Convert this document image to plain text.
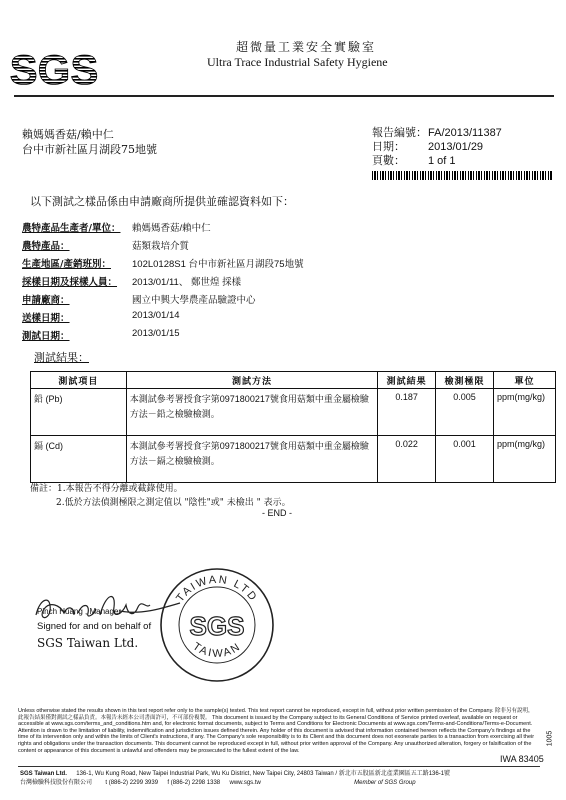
SGS	超微量工業安全實驗室
Ultra Trace Industrial Safety Hygiene
賴媽媽香菇/賴中仁
台中市新社區月湖段75地號
報告編號：FA/2013/11387
日期： 2013/01/29
頁數： 1 of 1
以下測試之樣品係由申請廠商所提供並確認資料如下：
農特產品生產者/單位： 賴媽媽香菇/賴中仁
農特產品：	菇類栽培介質
生產地區/產銷班別： 102L0128S1 台中市新社區月湖段75地號
採樣日期及採樣人員： 2013/01/11、 鄭世煌 採樣
申請廠商：	國立中興大學農產品驗證中心
送樣日期：	2013/01/14
測試日期：	2013/01/15
測試結果：
測試項目	測試方法	測試結果	檢測極限	單位
鉛 (Pb)	本測試參考署授食字第0971800217號食用菇類中重金屬檢驗方法－鉛之檢驗檢測。	0.187	0.005	ppm(mg/kg)
鎘 (Cd)	本測試參考署授食字第0971800217號食用菇類中重金屬檢驗方法－鎘之檢驗檢測。	0.022	0.001	ppm(mg/kg)
備註：1.本報告不得分離或截錄使用。
2.低於方法偵測極限之測定值以 "陰性"或" 未檢出 " 表示。
- END -
Pinch Huang , Manager
Signed for and on behalf of
SGS Taiwan Ltd.
TAIWAN LTD
TAIWAN
SGS
Unless otherwise stated the results shown in this test report refer only to the sample(s) tested. This test report cannot be reproduced, except in full, without prior written permission of the Company. 除非另有說明，此報告結果僅對測試之樣品負責。本報告未經本公司書面許可，不可部份複製。 This document is issued by the Company subject to its General Conditions of Service printed overleaf, available on request or accessible at www.sgs.com/terms_and_conditions.htm and, for electronic format documents, subject to Terms and Conditions for Electronic Documents at www.sgs.com/Terms-and-Conditions/Terms-e-Document. Attention is drawn to the limitation of liability, indemnification and jurisdiction issues defined therein. Any holder of this document is advised that information contained hereon reflects the Company's findings at the time of its intervention only and within the limits of Client's instructions, if any. The Company's sole responsibility is to its Client and this document does not exonerate parties to a transaction from exercising all their rights and obligations under the transaction documents. This document cannot be reproduced except in full, without prior written approval of the Company. Any unauthorized alteration, forgery or falsification of the content or appearance of this document is unlawful and offenders may be prosecuted to the fullest extent of the law.
IWA 83405
1005
SGS Taiwan Ltd. 136-1, Wu Kung Road, New Taipei Industrial Park, Wu Ku District, New Taipei City, 24803 Taiwan / 新北市五股區新北產業園區五工路136-1號
台灣檢驗科技股份有限公司 t (886-2) 2299 3939 f (886-2) 2298 1338 www.sgs.tw	Member of SGS Group
